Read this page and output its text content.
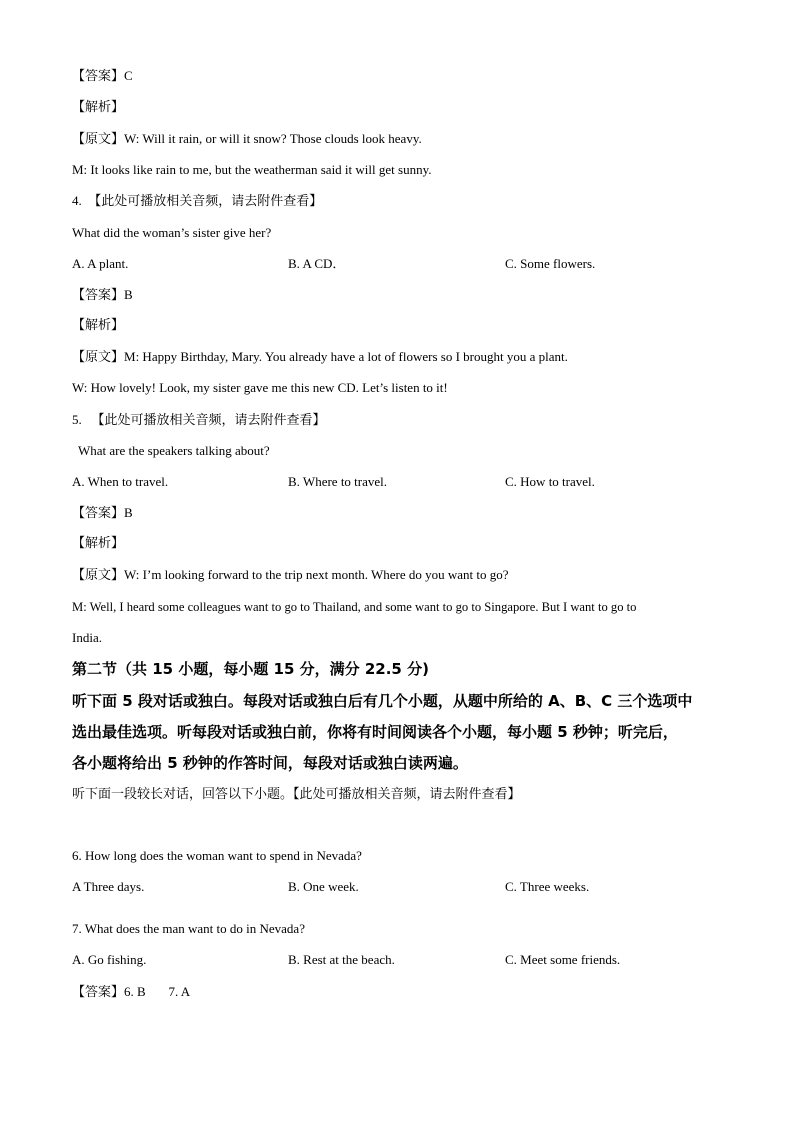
【答案】C
【解析】
【原文】W: Will it rain, or will it snow? Those clouds look heavy.
M: It looks like rain to me, but the weatherman said it will get sunny.
4. 【此处可播放相关音频，请去附件查看】
What did the woman’s sister give her?
A. A plant.	B. A CD．	C. Some flowers.
【答案】B
【解析】
【原文】M: Happy Birthday, Mary. You already have a lot of flowers so I brought you a plant.
W: How lovely! Look, my sister gave me this new CD. Let’s listen to it!
5. 【此处可播放相关音频，请去附件查看】
What are the speakers talking about?
A. When to travel.	B. Where to travel.	C. How to travel.
【答案】B
【解析】
【原文】W: I’m looking forward to the trip next month. Where do you want to go?
M: Well, I heard some colleagues want to go to Thailand, and some want to go to Singapore. But I want to go to
India.
第二节（共 15 小题，每小题 15 分，满分 22.5 分)
听下面 5 段对话或独白。每段对话或独白后有几个小题，从题中所给的 A、B、C 三个选项中
选出最佳选项。听每段对话或独白前，你将有时间阅读各个小题，每小题 5 秒钟；听完后，
各小题将给出 5 秒钟的作答时间，每段对话或独白读两遍。
听下面一段较长对话，回答以下小题。【此处可播放相关音频，请去附件查看】
6. How long does the woman want to spend in Nevada?
A Three days.	B. One week.	C. Three weeks.
7. What does the man want to do in Nevada?
A. Go fishing.	B. Rest at the beach.	C. Meet some friends.
【答案】6. B 7. A
